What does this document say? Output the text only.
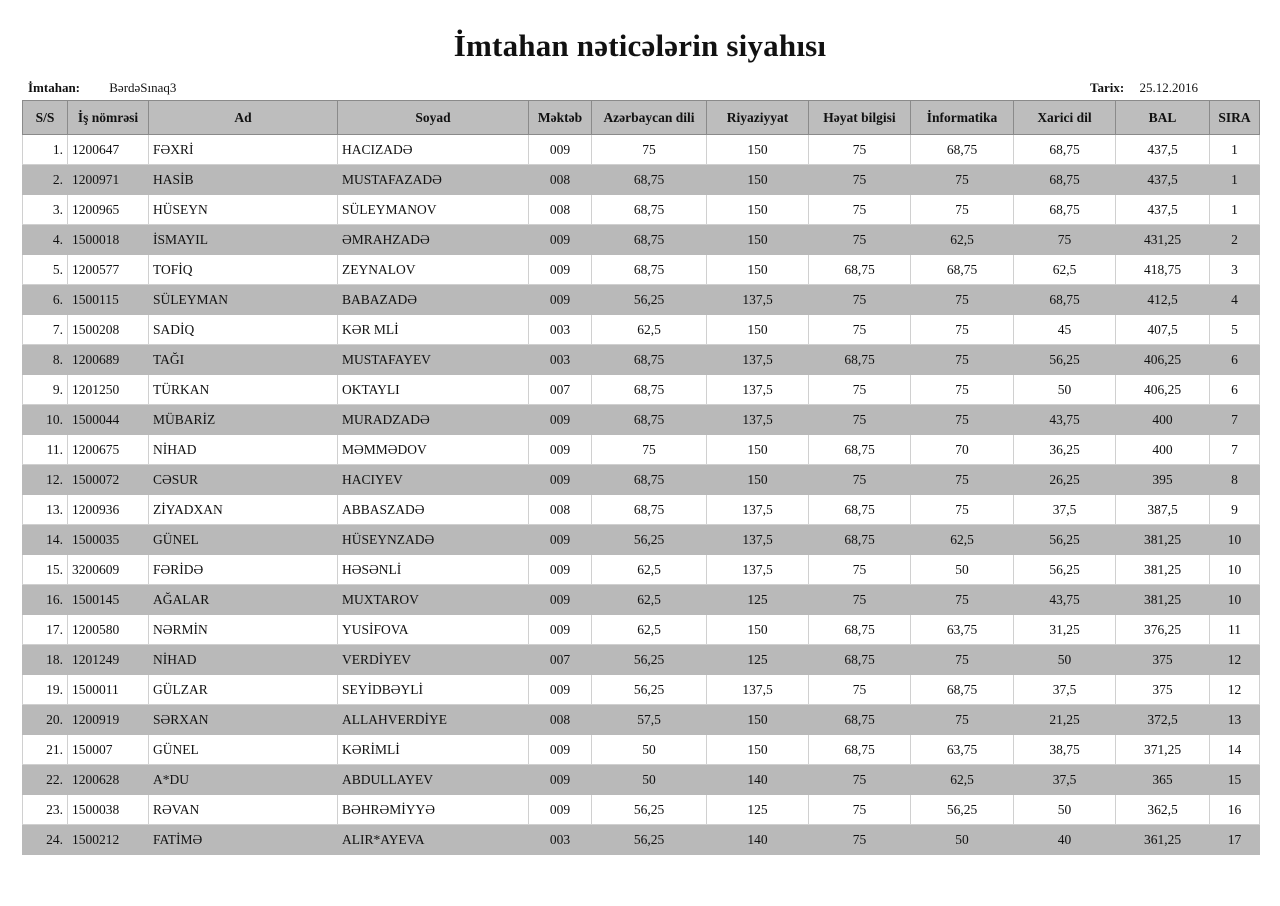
İmtahan nəticələrin siyahısı
İmtahan: BərdəSınaq3	Tarix: 25.12.2016
S/S	İş nömrəsi	Ad	Soyad	Məktəb	Azərbaycan dili	Riyaziyyat	Həyat bilgisi	İnformatika	Xarici dil	BAL	SIRA
1.	1200647	FƏXRİ	HACIZADƏ	009	75	150	75	68,75	68,75	437,5	1
2.	1200971	HASİB	MUSTAFAZADƏ	008	68,75	150	75	75	68,75	437,5	1
3.	1200965	HÜSEYN	SÜLEYMANOV	008	68,75	150	75	75	68,75	437,5	1
4.	1500018	İSMAYIL	ƏMRAHZADƏ	009	68,75	150	75	62,5	75	431,25	2
5.	1200577	TOFİQ	ZEYNALOV	009	68,75	150	68,75	68,75	62,5	418,75	3
6.	1500115	SÜLEYMAN	BABAZADƏ	009	56,25	137,5	75	75	68,75	412,5	4
7.	1500208	SADİQ	KƏR MLİ	003	62,5	150	75	75	45	407,5	5
8.	1200689	TAĞI	MUSTAFAYEV	003	68,75	137,5	68,75	75	56,25	406,25	6
9.	1201250	TÜRKAN	OKTAYLI	007	68,75	137,5	75	75	50	406,25	6
10.	1500044	MÜBARİZ	MURADZADƏ	009	68,75	137,5	75	75	43,75	400	7
11.	1200675	NİHAD	MƏMMƏDOV	009	75	150	68,75	70	36,25	400	7
12.	1500072	CƏSUR	HACIYEV	009	68,75	150	75	75	26,25	395	8
13.	1200936	ZİYADXAN	ABBASZADƏ	008	68,75	137,5	68,75	75	37,5	387,5	9
14.	1500035	GÜNEL	HÜSEYNZADƏ	009	56,25	137,5	68,75	62,5	56,25	381,25	10
15.	3200609	FƏRİDƏ	HƏSƏNLİ	009	62,5	137,5	75	50	56,25	381,25	10
16.	1500145	AĞALAR	MUXTAROV	009	62,5	125	75	75	43,75	381,25	10
17.	1200580	NƏRMİN	YUSİFOVA	009	62,5	150	68,75	63,75	31,25	376,25	11
18.	1201249	NİHAD	VERDİYEV	007	56,25	125	68,75	75	50	375	12
19.	1500011	GÜLZAR	SEYİDBƏYLİ	009	56,25	137,5	75	68,75	37,5	375	12
20.	1200919	SƏRXAN	ALLAHVERDİYE	008	57,5	150	68,75	75	21,25	372,5	13
21.	150007	GÜNEL	KƏRİMLİ	009	50	150	68,75	63,75	38,75	371,25	14
22.	1200628	A*DU	ABDULLAYEV	009	50	140	75	62,5	37,5	365	15
23.	1500038	RƏVAN	BƏHRƏMİYYƏ	009	56,25	125	75	56,25	50	362,5	16
24.	1500212	FATİMƏ	ALIR*AYEVA	003	56,25	140	75	50	40	361,25	17
